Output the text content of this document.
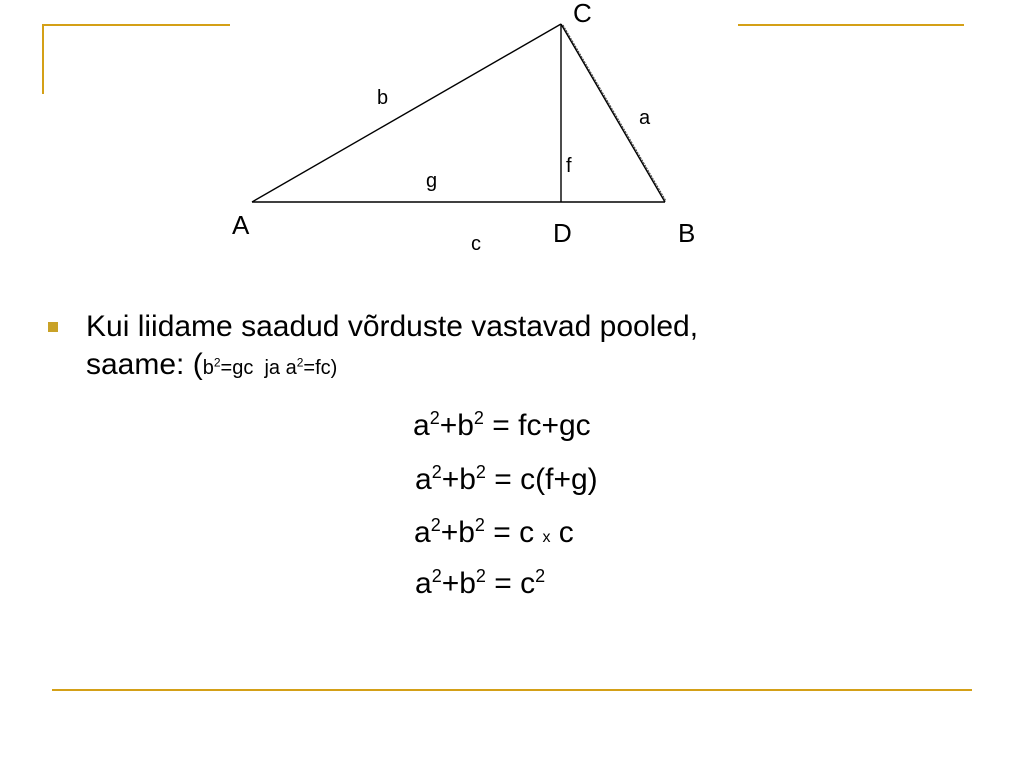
A	B
C
D
b
a
c
g
f
Kui liidame saadud võrduste vastavad pooled,
saame: ($b^2=gc$  ja $a^2=fc$)
$a^2+b^2 = fc+gc$
$a^2+b^2 = c(f+g)$
$a^2+b^2 = c$ x c
$a^2+b^2 = c^2$
